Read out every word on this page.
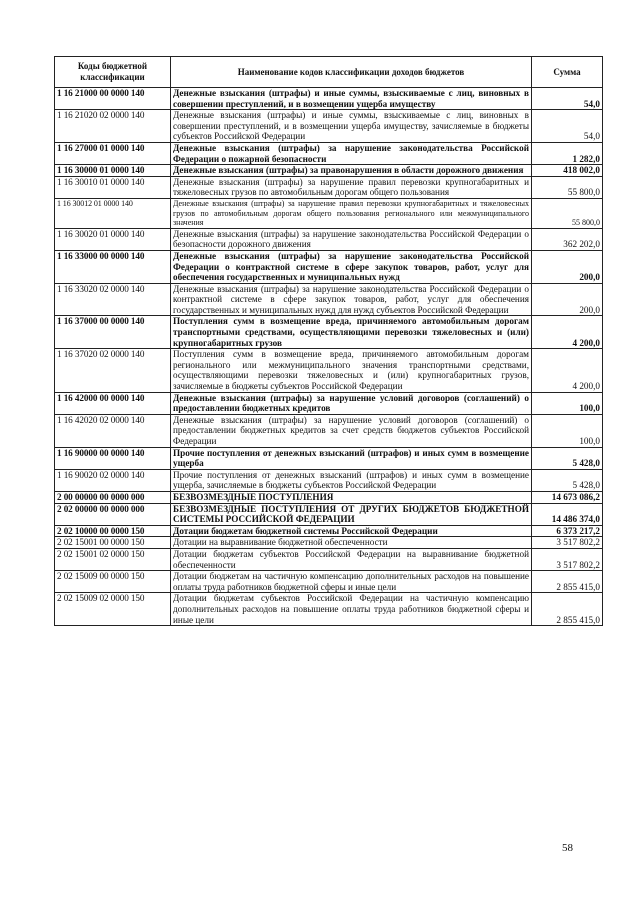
Коды бюджетной классификации	Наименование кодов классификации доходов бюджетов	Сумма
1 16 21000 00 0000 140	Денежные взыскания (штрафы) и иные суммы, взыскиваемые с лиц, виновных в совершении преступлений, и в возмещении ущерба имуществу	54,0
1 16 21020 02 0000 140	Денежные взыскания (штрафы) и иные суммы, взыскиваемые с лиц, виновных в совершении преступлений, и в возмещении ущерба имуществу, зачисляемые в бюджеты субъектов Российской Федерации	54,0
1 16 27000 01 0000 140	Денежные взыскания (штрафы) за нарушение законодательства Российской Федерации о пожарной безопасности	1 282,0
1 16 30000 01 0000 140	Денежные взыскания (штрафы) за правонарушения в области дорожного движения	418 002,0
1 16 30010 01 0000 140	Денежные взыскания (штрафы) за нарушение правил перевозки крупногабаритных и тяжеловесных грузов по автомобильным дорогам общего пользования	55 800,0
1 16 30012 01 0000 140	Денежные взыскания (штрафы) за нарушение правил перевозки крупногабаритных и тяжеловесных грузов по автомобильным дорогам общего пользования регионального или межмуниципального значения	55 800,0
1 16 30020 01 0000 140	Денежные взыскания (штрафы) за нарушение законодательства Российской Федерации о безопасности дорожного движения	362 202,0
1 16 33000 00 0000 140	Денежные взыскания (штрафы) за нарушение законодательства Российской Федерации о контрактной системе в сфере закупок товаров, работ, услуг для обеспечения государственных и муниципальных нужд	200,0
1 16 33020 02 0000 140	Денежные взыскания (штрафы) за нарушение законодательства Российской Федерации о контрактной системе в сфере закупок товаров, работ, услуг для обеспечения государственных и муниципальных нужд для нужд субъектов Российской Федерации	200,0
1 16 37000 00 0000 140	Поступления сумм в возмещение вреда, причиняемого автомобильным дорогам транспортными средствами, осуществляющими перевозки тяжеловесных и (или) крупногабаритных грузов	4 200,0
1 16 37020 02 0000 140	Поступления сумм в возмещение вреда, причиняемого автомобильным дорогам регионального или межмуниципального значения транспортными средствами, осуществляющими перевозки тяжеловесных и (или) крупногабаритных грузов, зачисляемые в бюджеты субъектов Российской Федерации	4 200,0
1 16 42000 00 0000 140	Денежные взыскания (штрафы) за нарушение условий договоров (соглашений) о предоставлении бюджетных кредитов	100,0
1 16 42020 02 0000 140	Денежные взыскания (штрафы) за нарушение условий договоров (соглашений) о предоставлении бюджетных кредитов за счет средств бюджетов субъектов Российской Федерации	100,0
1 16 90000 00 0000 140	Прочие поступления от денежных взысканий (штрафов) и иных сумм в возмещение ущерба	5 428,0
1 16 90020 02 0000 140	Прочие поступления от денежных взысканий (штрафов) и иных сумм в возмещение ущерба, зачисляемые в бюджеты субъектов Российской Федерации	5 428,0
2 00 00000 00 0000 000	БЕЗВОЗМЕЗДНЫЕ ПОСТУПЛЕНИЯ	14 673 086,2
2 02 00000 00 0000 000	БЕЗВОЗМЕЗДНЫЕ ПОСТУПЛЕНИЯ ОТ ДРУГИХ БЮДЖЕТОВ БЮДЖЕТНОЙ СИСТЕМЫ РОССИЙСКОЙ ФЕДЕРАЦИИ	14 486 374,0
2 02 10000 00 0000 150	Дотации бюджетам бюджетной системы Российской Федерации	6 373 217,2
2 02 15001 00 0000 150	Дотации на выравнивание бюджетной обеспеченности	3 517 802,2
2 02 15001 02 0000 150	Дотации бюджетам субъектов Российской Федерации на выравнивание бюджетной обеспеченности	3 517 802,2
2 02 15009 00 0000 150	Дотации бюджетам на частичную компенсацию дополнительных расходов на повышение оплаты труда работников бюджетной сферы и иные цели	2 855 415,0
2 02 15009 02 0000 150	Дотации бюджетам субъектов Российской Федерации на частичную компенсацию дополнительных расходов на повышение оплаты труда работников бюджетной сферы и иные цели	2 855 415,0
58
